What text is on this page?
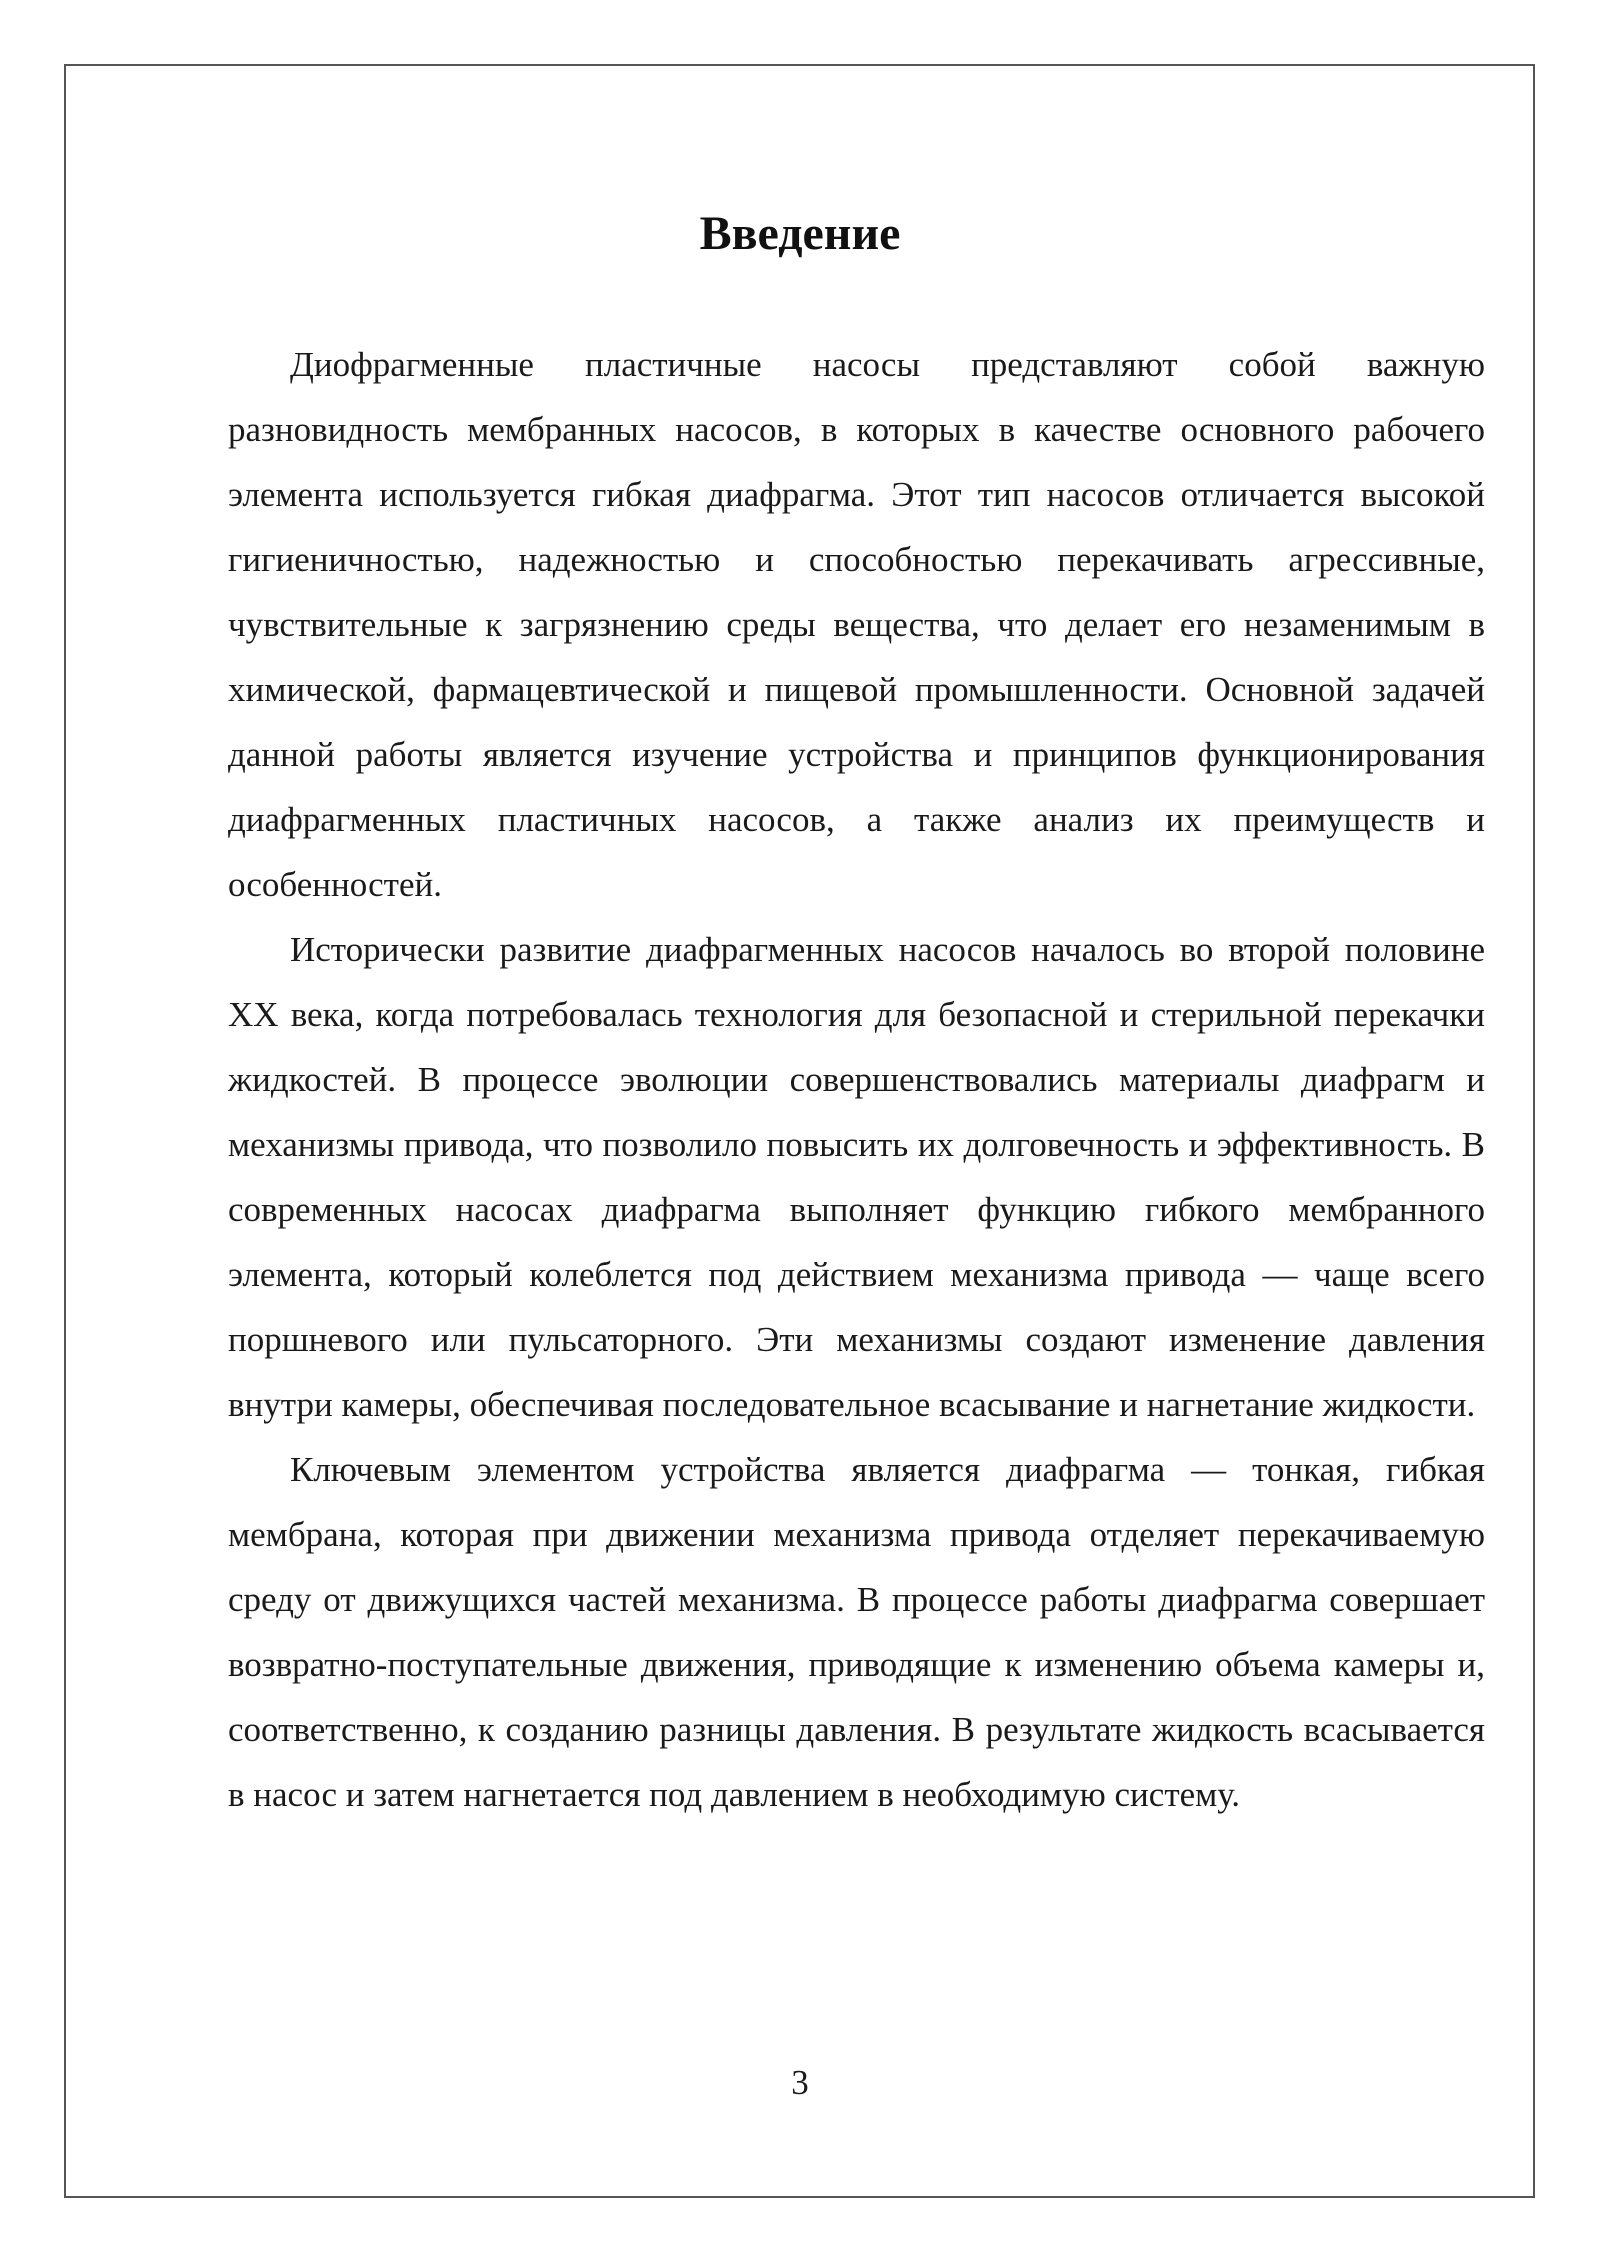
Введение

Диофрагменные пластичные насосы представляют собой важную разновидность мембранных насосов, в которых в качестве основного рабочего элемента используется гибкая диафрагма. Этот тип насосов отличается высокой гигиеничностью, надежностью и способностью перекачивать агрессивные, чувствительные к загрязнению среды вещества, что делает его незаменимым в химической, фармацевтической и пищевой промышленности. Основной задачей данной работы является изучение устройства и принципов функционирования диафрагменных пластичных насосов, а также анализ их преимуществ и особенностей.

Исторически развитие диафрагменных насосов началось во второй половине XX века, когда потребовалась технология для безопасной и стерильной перекачки жидкостей. В процессе эволюции совершенствовались материалы диафрагм и механизмы привода, что позволило повысить их долговечность и эффективность. В современных насосах диафрагма выполняет функцию гибкого мембранного элемента, который колеблется под действием механизма привода — чаще всего поршневого или пульсаторного. Эти механизмы создают изменение давления внутри камеры, обеспечивая последовательное всасывание и нагнетание жидкости.

Ключевым элементом устройства является диафрагма — тонкая, гибкая мембрана, которая при движении механизма привода отделяет перекачиваемую среду от движущихся частей механизма. В процессе работы диафрагма совершает возвратно-поступательные движения, приводящие к изменению объема камеры и, соответственно, к созданию разницы давления. В результате жидкость всасывается в насос и затем нагнетается под давлением в необходимую систему.

3
